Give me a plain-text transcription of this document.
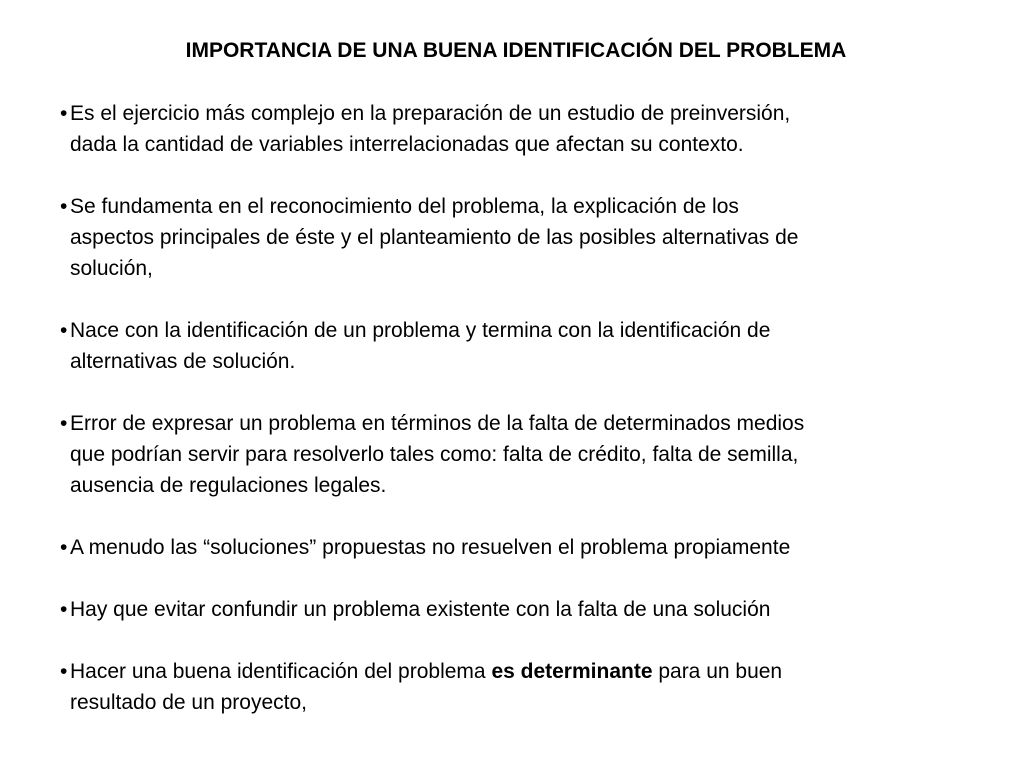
IMPORTANCIA DE UNA BUENA IDENTIFICACIÓN DEL PROBLEMA
• Es el ejercicio más complejo en la preparación de un estudio de preinversión,
dada la cantidad de variables interrelacionadas que afectan su contexto.
• Se fundamenta en el reconocimiento del problema, la explicación de los
aspectos principales de éste y el planteamiento de las posibles alternativas de
solución,
• Nace con la identificación de un problema y termina con la identificación de
alternativas de solución.
• Error de expresar un problema en términos de la falta de determinados medios
que podrían servir para resolverlo tales como: falta de crédito, falta de semilla,
ausencia de regulaciones legales.
• A menudo las “soluciones” propuestas no resuelven el problema propiamente
• Hay que evitar confundir un problema existente con la falta de una solución
• Hacer una buena identificación del problema es determinante para un buen
resultado de un proyecto,
